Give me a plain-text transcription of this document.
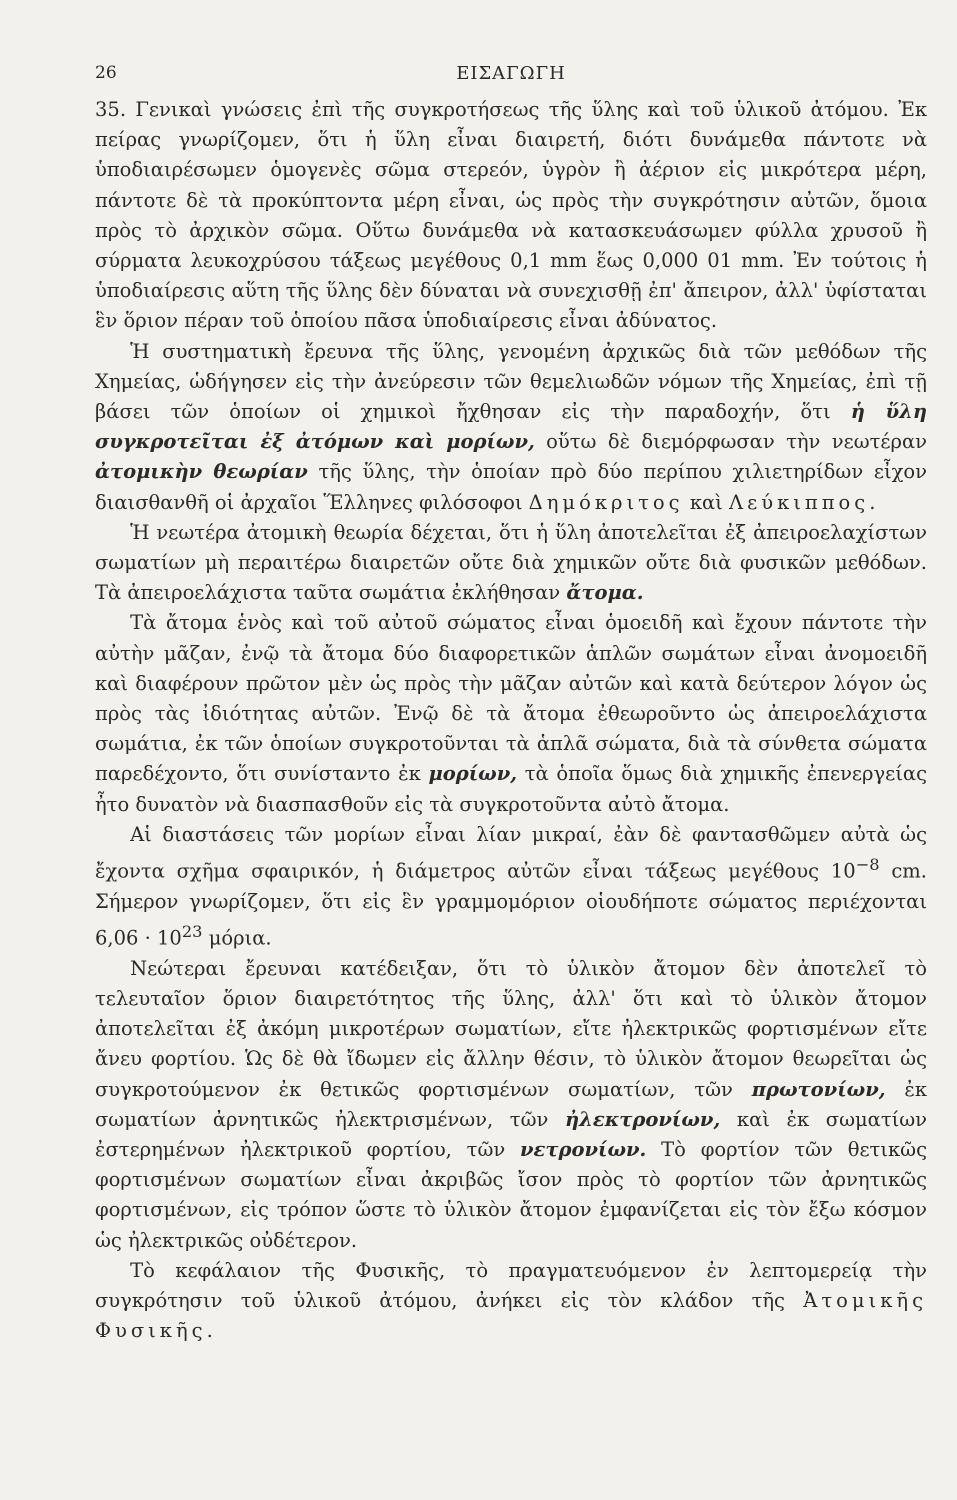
26	ΕΙΣΑΓΩΓΗ

35. Γενικαὶ γνώσεις ἐπὶ τῆς συγκροτήσεως τῆς ὕλης καὶ τοῦ ὑλικοῦ ἀτόμου. Ἐκ πείρας γνωρίζομεν, ὅτι ἡ ὕλη εἶναι διαιρετή, διότι δυνάμεθα πάντοτε νὰ ὑποδιαιρέσωμεν ὁμογενὲς σῶμα στερεόν, ὑγρὸν ἢ ἀέριον εἰς μικρότερα μέρη, πάντοτε δὲ τὰ προκύπτοντα μέρη εἶναι, ὡς πρὸς τὴν συγκρότησιν αὐτῶν, ὅμοια πρὸς τὸ ἀρχικὸν σῶμα. Οὕτω δυνάμεθα νὰ κατασκευάσωμεν φύλλα χρυσοῦ ἢ σύρματα λευκοχρύσου τάξεως μεγέθους 0,1 mm ἕως 0,000 01 mm. Ἐν τούτοις ἡ ὑποδιαίρεσις αὕτη τῆς ὕλης δὲν δύναται νὰ συνεχισθῇ ἐπ' ἄπειρον, ἀλλ' ὑφίσταται ἓν ὅριον πέραν τοῦ ὁποίου πᾶσα ὑποδιαίρεσις εἶναι ἀδύνατος.

Ἡ συστηματικὴ ἔρευνα τῆς ὕλης, γενομένη ἀρχικῶς διὰ τῶν μεθόδων τῆς Χημείας, ὡδήγησεν εἰς τὴν ἀνεύρεσιν τῶν θεμελιωδῶν νόμων τῆς Χημείας, ἐπὶ τῇ βάσει τῶν ὁποίων οἱ χημικοὶ ἤχθησαν εἰς τὴν παραδοχήν, ὅτι ἡ ὕλη συγκροτεῖται ἐξ ἀτόμων καὶ μορίων, οὕτω δὲ διεμόρφωσαν τὴν νεωτέραν ἀτομικὴν θεωρίαν τῆς ὕλης, τὴν ὁποίαν πρὸ δύο περίπου χιλιετηρίδων εἶχον διαισθανθῆ οἱ ἀρχαῖοι Ἕλληνες φιλόσοφοι Δημόκριτος καὶ Λεύκιππος.

Ἡ νεωτέρα ἀτομικὴ θεωρία δέχεται, ὅτι ἡ ὕλη ἀποτελεῖται ἐξ ἀπειροελαχίστων σωματίων μὴ περαιτέρω διαιρετῶν οὔτε διὰ χημικῶν οὔτε διὰ φυσικῶν μεθόδων. Τὰ ἀπειροελάχιστα ταῦτα σωμάτια ἐκλήθησαν ἄτομα.

Τὰ ἄτομα ἑνὸς καὶ τοῦ αὐτοῦ σώματος εἶναι ὁμοειδῆ καὶ ἔχουν πάντοτε τὴν αὐτὴν μᾶζαν, ἐνῷ τὰ ἄτομα δύο διαφορετικῶν ἁπλῶν σωμάτων εἶναι ἀνομοειδῆ καὶ διαφέρουν πρῶτον μὲν ὡς πρὸς τὴν μᾶζαν αὐτῶν καὶ κατὰ δεύτερον λόγον ὡς πρὸς τὰς ἰδιότητας αὐτῶν. Ἐνῷ δὲ τὰ ἄτομα ἐθεωροῦντο ὡς ἀπειροελάχιστα σωμάτια, ἐκ τῶν ὁποίων συγκροτοῦνται τὰ ἁπλᾶ σώματα, διὰ τὰ σύνθετα σώματα παρεδέχοντο, ὅτι συνίσταντο ἐκ μορίων, τὰ ὁποῖα ὅμως διὰ χημικῆς ἐπενεργείας ἦτο δυνατὸν νὰ διασπασθοῦν εἰς τὰ συγκροτοῦντα αὐτὸ ἄτομα.

Αἱ διαστάσεις τῶν μορίων εἶναι λίαν μικραί, ἐὰν δὲ φαντασθῶμεν αὐτὰ ὡς ἔχοντα σχῆμα σφαιρικόν, ἡ διάμετρος αὐτῶν εἶναι τάξεως μεγέθους $10^{-8}$ cm. Σήμερον γνωρίζομεν, ὅτι εἰς ἓν γραμμομόριον οἱουδήποτε σώματος περιέχονται $6,06 \cdot 10^{23}$ μόρια.

Νεώτεραι ἔρευναι κατέδειξαν, ὅτι τὸ ὑλικὸν ἄτομον δὲν ἀποτελεῖ τὸ τελευταῖον ὅριον διαιρετότητος τῆς ὕλης, ἀλλ' ὅτι καὶ τὸ ὑλικὸν ἄτομον ἀποτελεῖται ἐξ ἀκόμη μικροτέρων σωματίων, εἴτε ἠλεκτρικῶς φορτισμένων εἴτε ἄνευ φορτίου. Ὡς δὲ θὰ ἴδωμεν εἰς ἄλλην θέσιν, τὸ ὑλικὸν ἄτομον θεωρεῖται ὡς συγκροτούμενον ἐκ θετικῶς φορτισμένων σωματίων, τῶν πρωτονίων, ἐκ σωματίων ἀρνητικῶς ἠλεκτρισμένων, τῶν ἠλεκτρονίων, καὶ ἐκ σωματίων ἐστερημένων ἠλεκτρικοῦ φορτίου, τῶν νετρονίων. Τὸ φορτίον τῶν θετικῶς φορτισμένων σωματίων εἶναι ἀκριβῶς ἴσον πρὸς τὸ φορτίον τῶν ἀρνητικῶς φορτισμένων, εἰς τρόπον ὥστε τὸ ὑλικὸν ἄτομον ἐμφανίζεται εἰς τὸν ἔξω κόσμον ὡς ἠλεκτρικῶς οὐδέτερον.

Τὸ κεφάλαιον τῆς Φυσικῆς, τὸ πραγματευόμενον ἐν λεπτομερείᾳ τὴν συγκρότησιν τοῦ ὑλικοῦ ἀτόμου, ἀνήκει εἰς τὸν κλάδον τῆς Ἀτομικῆς Φυσικῆς.
